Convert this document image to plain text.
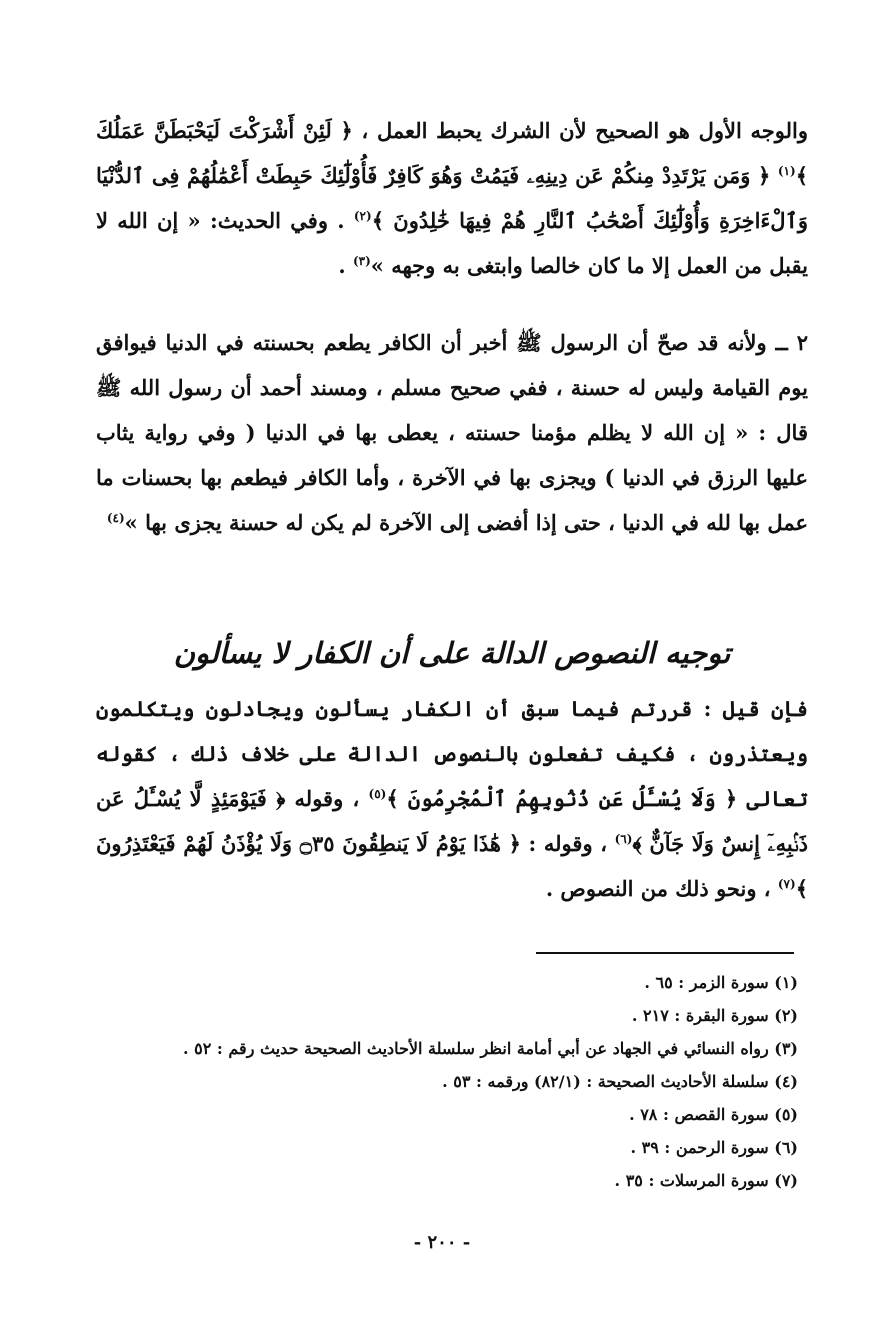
والوجه الأول هو الصحيح لأن الشرك يحبط العمل ، ﴿ لَئِنْ أَشْرَكْتَ لَيَحْبَطَنَّ عَمَلُكَ ﴾$^{(١)}$ ﴿ وَمَن يَرْتَدِدْ مِنكُمْ عَن دِينِهِۦ فَيَمُتْ وَهُوَ كَافِرٌ فَأُوْلَٰٓئِكَ حَبِطَتْ أَعْمَٰلُهُمْ فِى ٱلدُّنْيَا وَٱلْءَاخِرَةِ وَأُوْلَٰٓئِكَ أَصْحَٰبُ ٱلنَّارِ هُمْ فِيهَا خَٰلِدُونَ ﴾$^{(٢)}$ . وفي الحديث: « إن الله لا يقبل من العمل إلا ما كان خالصا وابتغى به وجهه »$^{(٣)}$ .
٢ ــ ولأنه قد صحّ أن الرسول ﷺ أخبر أن الكافر يطعم بحسنته في الدنيا فيوافق يوم القيامة وليس له حسنة ، ففي صحيح مسلم ، ومسند أحمد أن رسول الله ﷺ قال : « إن الله لا يظلم مؤمنا حسنته ، يعطى بها في الدنيا ( وفي رواية يثاب عليها الرزق في الدنيا ) ويجزى بها في الآخرة ، وأما الكافر فيطعم بها بحسنات ما عمل بها لله في الدنيا ، حتى إذا أفضى إلى الآخرة لم يكن له حسنة يجزى بها »$^{(٤)}$
توجيه النصوص الدالة على أن الكفار لا يسألون
فإن قيل : قررتم فيما سبق أن الكفار يسألون ويجادلون ويتكلمون ويعتذرون ، فكيف تفعلون بالنصوص الدالة على خلاف ذلك ، كقوله تعالى ﴿ وَلَا يُسْـَٔلُ عَن ذُنُوبِهِمُ ٱلْمُجْرِمُونَ ﴾$^{(٥)}$ ، وقوله ﴿ فَيَوْمَئِذٍ لَّا يُسْـَٔلُ عَن ذَنۢبِهِۦٓ إِنسٌ وَلَا جَآنٌّ ﴾$^{(٦)}$ ، وقوله : ﴿ هَٰذَا يَوْمُ لَا يَنطِقُونَ ۝٣٥ وَلَا يُؤْذَنُ لَهُمْ فَيَعْتَذِرُونَ ﴾$^{(٧)}$ ، ونحو ذلك من النصوص .
(١) سورة الزمر : ٦٥ .
(٢) سورة البقرة : ٢١٧ .
(٣) رواه النسائي في الجهاد عن أبي أمامة انظر سلسلة الأحاديث الصحيحة حديث رقم : ٥٢ .
(٤) سلسلة الأحاديث الصحيحة : (٨٢/١) ورقمه : ٥٣ .
(٥) سورة القصص : ٧٨ .
(٦) سورة الرحمن : ٣٩ .
(٧) سورة المرسلات : ٣٥ .
- ٢٠٠ -
